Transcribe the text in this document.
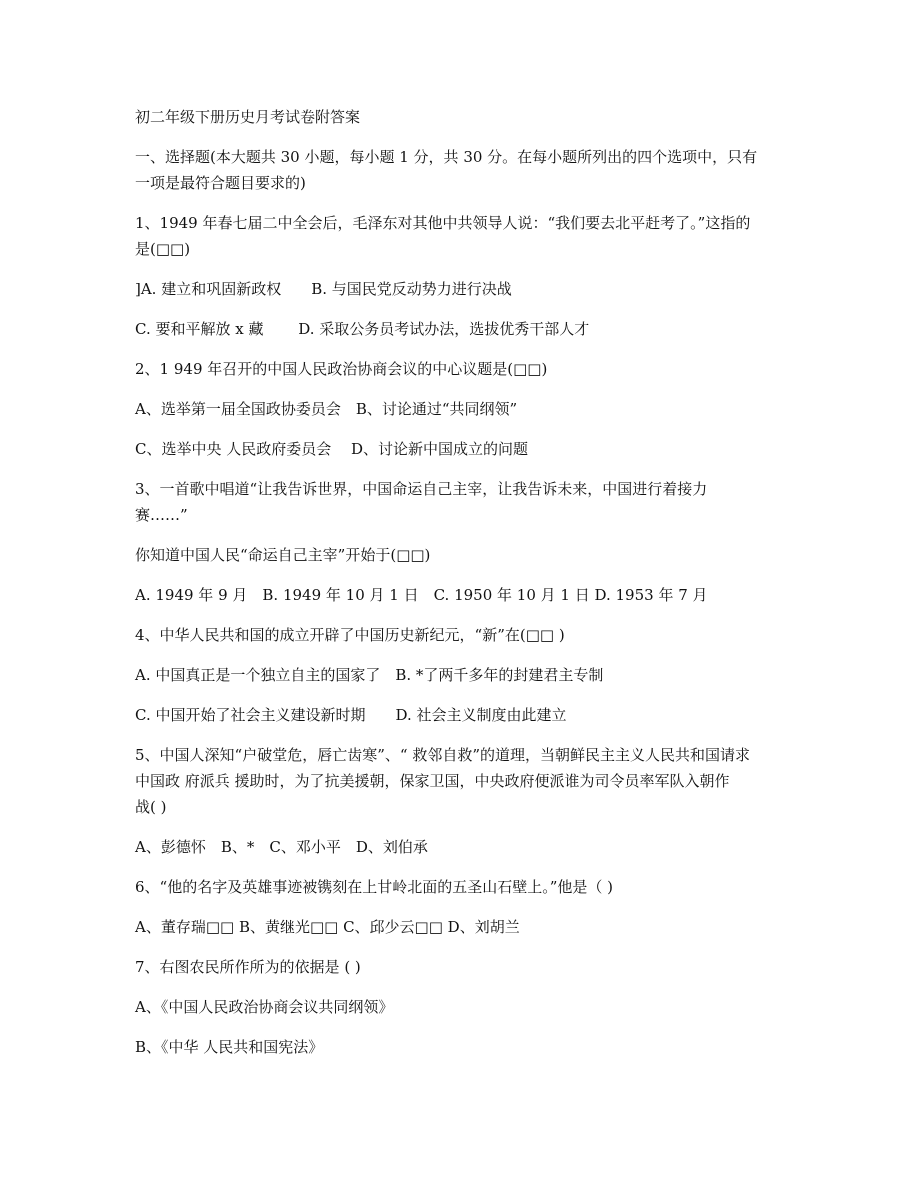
初二年级下册历史月考试卷附答案

一、选择题(本大题共 30 小题，每小题 1 分，共 30 分。在每小题所列出的四个选项中，只有

一项是最符合题目要求的)

1、1949 年春七届二中全会后，毛泽东对其他中共领导人说：“我们要去北平赶考了。”这指的

是(□□)

]A. 建立和巩固新政权　　B. 与国民党反动势力进行决战

C. 要和平解放 x 藏　　 D. 采取公务员考试办法，选拔优秀干部人才

2、1 949 年召开的中国人民政治协商会议的中心议题是(□□)

A、选举第一届全国政协委员会　B、讨论通过“共同纲领”

C、选举中央 人民政府委员会　 D、讨论新中国成立的问题

3、一首歌中唱道“让我告诉世界，中国命运自己主宰，让我告诉未来，中国进行着接力

赛……”

你知道中国人民“命运自己主宰”开始于(□□)

A. 1949 年 9 月　B. 1949 年 10 月 1 日　C. 1950 年 10 月 1 日 D. 1953 年 7 月

4、中华人民共和国的成立开辟了中国历史新纪元，“新”在(□□ )

A. 中国真正是一个独立自主的国家了　B. *了两千多年的封建君主专制

C. 中国开始了社会主义建设新时期　　D. 社会主义制度由此建立

5、中国人深知“户破堂危，唇亡齿寒”、“ 救邻自救”的道理，当朝鲜民主主义人民共和国请求

中国政 府派兵 援助时，为了抗美援朝，保家卫国，中央政府便派谁为司令员率军队入朝作

战( )

A、彭德怀　B、*　C、邓小平　D、刘伯承

6、“他的名字及英雄事迹被镌刻在上甘岭北面的五圣山石壁上。”他是（ )

A、董存瑞□□ B、黄继光□□ C、邱少云□□ D、刘胡兰

7、右图农民所作所为的依据是 ( )

A、《中国人民政治协商会议共同纲领》

B、《中华 人民共和国宪法》
